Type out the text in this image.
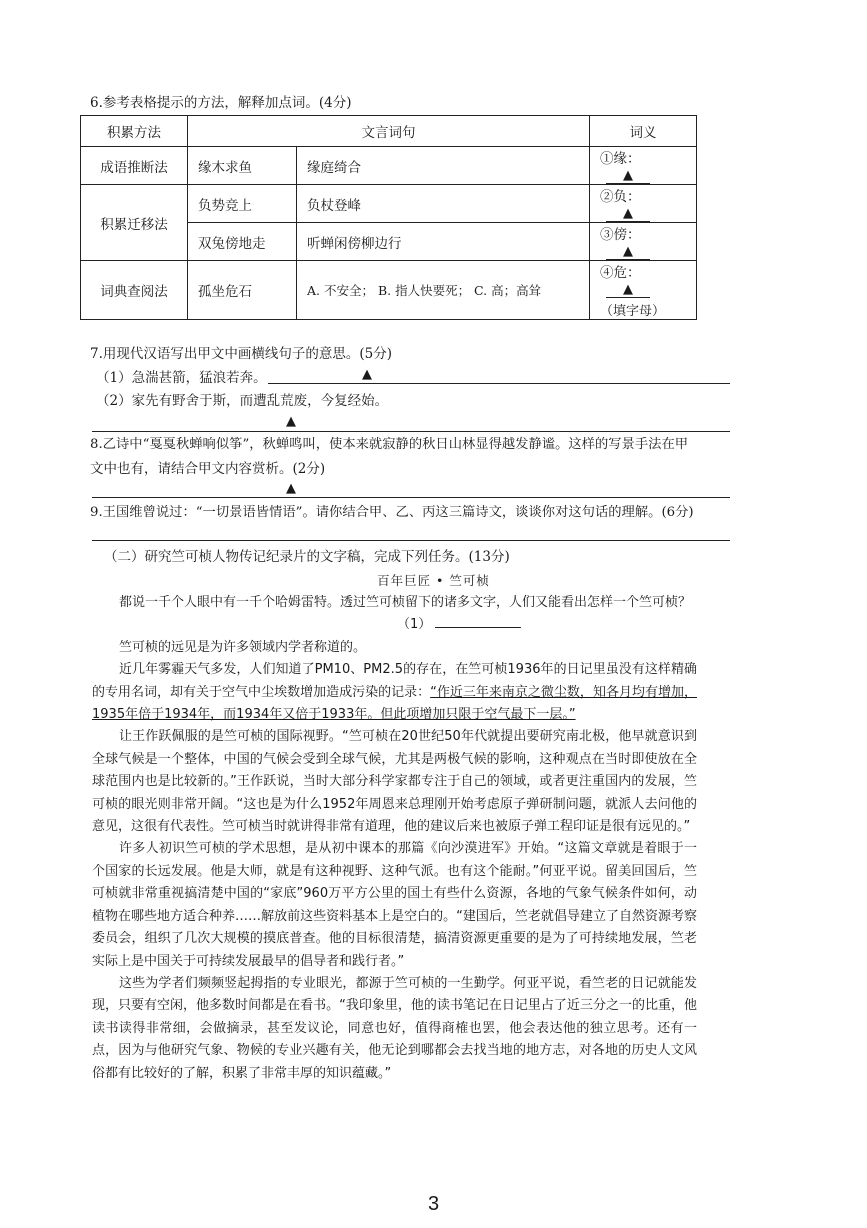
6.参考表格提示的方法，解释加点词。(4分)
积累方法	文言词句		词义
成语推断法	缘木求鱼	缘庭绮合	①缘：▲
积累迁移法	负势竞上	负杖登峰	②负：▲
	双兔傍地走	听蝉闲傍柳边行	③傍：▲
词典查阅法	孤坐危石	A. 不安全； B. 指人快要死； C. 高；高耸	④危：▲
（填字母）
7.用现代汉语写出甲文中画横线句子的意思。(5分)
（1）急湍甚箭，猛浪若奔。	▲
（2）家先有野舍于斯，而遭乱荒废，今复经始。
▲
8.乙诗中“戛戛秋蝉响似筝”，秋蝉鸣叫，使本来就寂静的秋日山林显得越发静谧。这样的写景手法在甲
文中也有，请结合甲文内容赏析。(2分)
▲
9.王国维曾说过：“一切景语皆情语”。请你结合甲、乙、丙这三篇诗文，谈谈你对这句话的理解。(6分)
（二）研究竺可桢人物传记纪录片的文字稿，完成下列任务。(13分)
百年巨匠 • 竺可桢

都说一千个人眼中有一千个哈姆雷特。透过竺可桢留下的诸多文字，人们又能看出怎样一个竺可桢？

（1）

竺可桢的远见是为许多领域内学者称道的。

近几年雾霾天气多发，人们知道了PM10、PM2.5的存在，在竺可桢1936年的日记里虽没有这样精确的专用名词，却有关于空气中尘埃数增加造成污染的记录：“作近三年来南京之微尘数，知各月均有增加，1935年倍于1934年，而1934年又倍于1933年。但此项增加只限于空气最下一层。”

让王作跃佩服的是竺可桢的国际视野。“竺可桢在20世纪50年代就提出要研究南北极，他早就意识到全球气候是一个整体，中国的气候会受到全球气候，尤其是两极气候的影响，这种观点在当时即使放在全球范围内也是比较新的。”王作跃说，当时大部分科学家都专注于自己的领域，或者更注重国内的发展，竺可桢的眼光则非常开阔。“这也是为什么1952年周恩来总理刚开始考虑原子弹研制问题，就派人去问他的意见，这很有代表性。竺可桢当时就讲得非常有道理，他的建议后来也被原子弹工程印证是很有远见的。”

许多人初识竺可桢的学术思想，是从初中课本的那篇《向沙漠进军》开始。“这篇文章就是着眼于一个国家的长远发展。他是大师，就是有这种视野、这种气派。也有这个能耐。”何亚平说。留美回国后，竺可桢就非常重视搞清楚中国的“家底”960万平方公里的国土有些什么资源，各地的气象气候条件如何，动植物在哪些地方适合种养……解放前这些资料基本上是空白的。“建国后，竺老就倡导建立了自然资源考察委员会，组织了几次大规模的摸底普查。他的目标很清楚，搞清资源更重要的是为了可持续地发展，竺老实际上是中国关于可持续发展最早的倡导者和践行者。”

这些为学者们频频竖起拇指的专业眼光，都源于竺可桢的一生勤学。何亚平说，看竺老的日记就能发现，只要有空闲，他多数时间都是在看书。“我印象里，他的读书笔记在日记里占了近三分之一的比重，他读书读得非常细，会做摘录，甚至发议论，同意也好，值得商榷也罢，他会表达他的独立思考。还有一点，因为与他研究气象、物候的专业兴趣有关，他无论到哪都会去找当地的地方志，对各地的历史人文风俗都有比较好的了解，积累了非常丰厚的知识蕴藏。”

3
